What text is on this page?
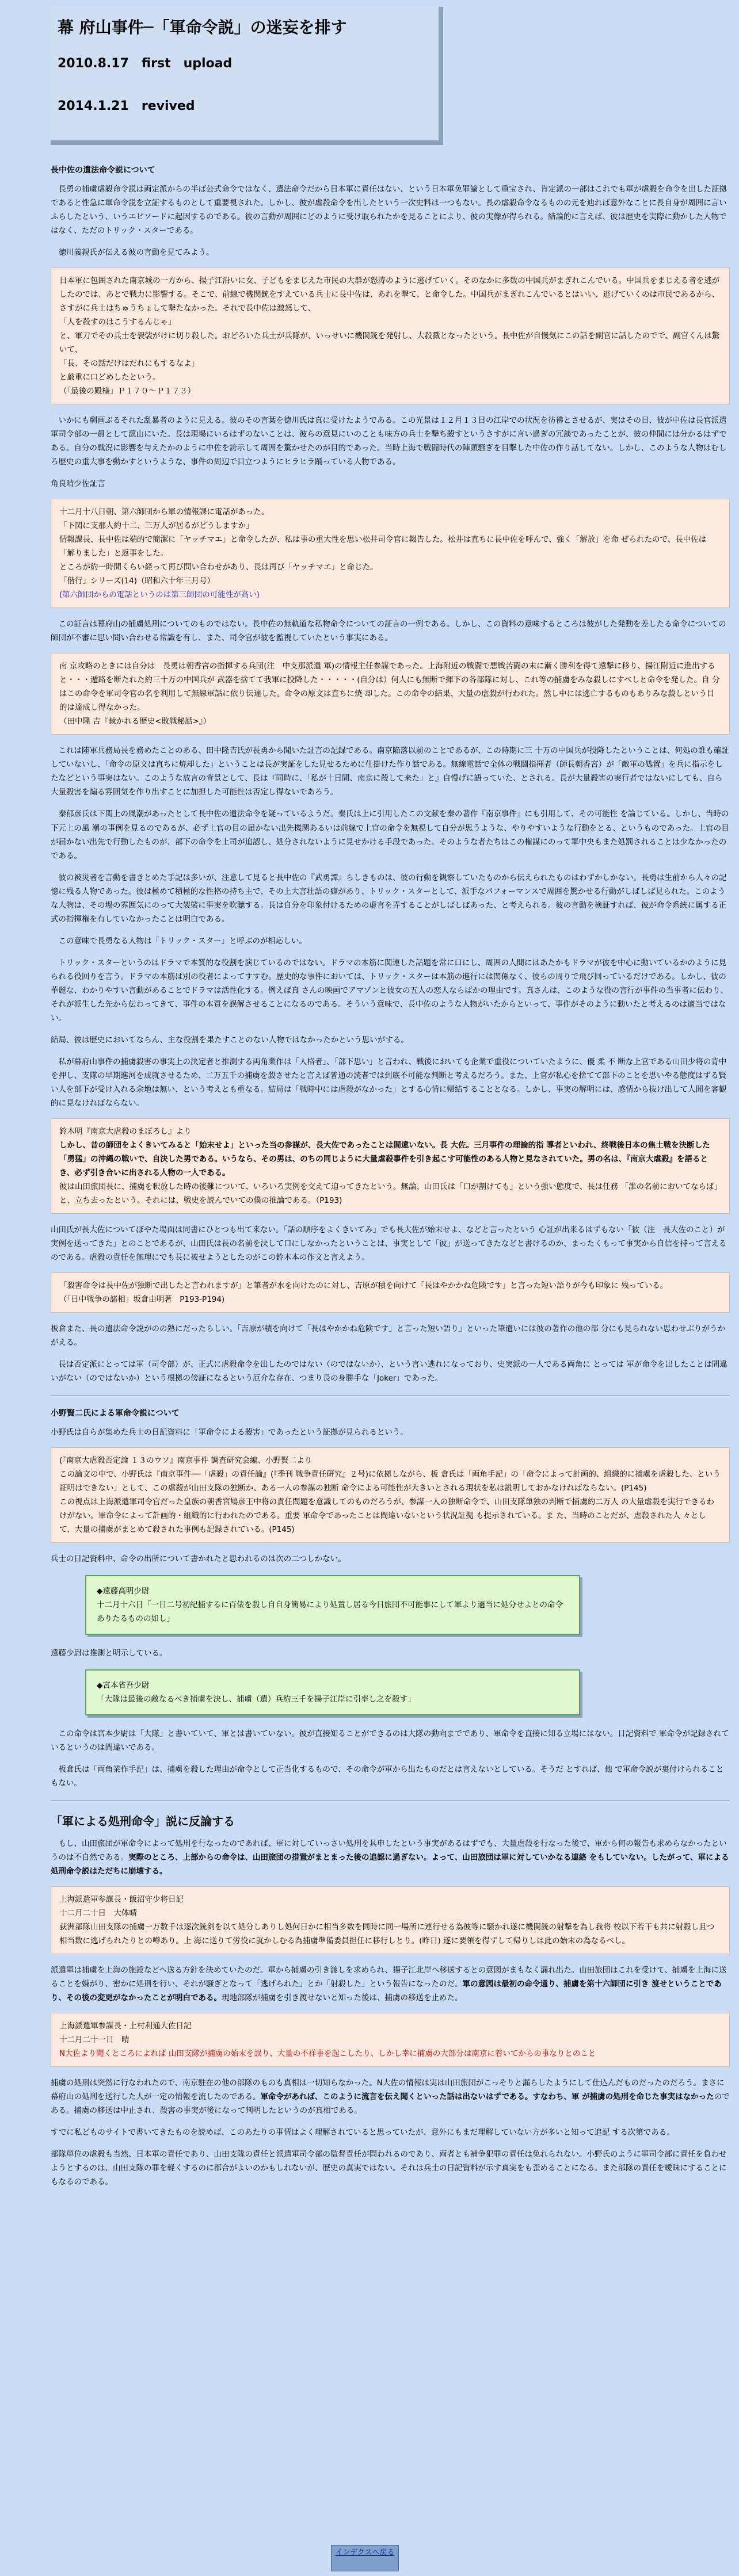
幕 府山事件─「軍命令説」の迷妄を排す
2010.8.17　first　upload
2014.1.21　revived
長中佐の遺法命令説について

長勇の捕虜虐殺命令説は両定派からの半ば公式命令ではなく、遺法命令だから日本軍に責任はない、という日本軍免罪論として重宝され、肯定派の一部はこれでも軍が虐殺を命令を出した証拠であると性急に軍命令説を立証するものとして重要視された。しかし、彼が虐殺命令を出したという一次史料は一つもない。長の虐殺命令なるものの元を辿れば意外なことに長自身が周囲に言いふらしたという、いうエピソードに起因するのである。彼の言動が周囲にどのように受け取られたかを見ることにより、彼の実像が得られる。結論的に言えば、彼は歴史を実際に動かした人物ではなく、ただのトリック・スターである。

徳川義親氏が伝える彼の言動を見てみよう。

日本軍に包囲された南京城の一方から、揚子江沿いに女、子どもをまじえた市民の大群が怒涛のように逃げていく。そのなかに多数の中国兵がまぎれこんでいる。中国兵をまじえる者を逃がしたのでは、あとで戦力に影響する。そこで、前線で機関銃をすえている兵士に長中佐は、あれを撃て、と命令した。中国兵がまぎれこんでいるとはいい、逃げていくのは市民であるから、さすがに兵士はちゅうちょして撃たなかった。それで長中佐は激怒して、
「人を殺すのはこうするんじゃ」
と、軍刀でその兵士を袈裟がけに切り殺した。おどろいた兵士が兵隊が、いっせいに機関銃を発射し、大殺戮となったという。長中佐が自慢気にこの話を副官に話したのでで、副官くんは驚いて、
「長、その話だけはだれにもするなよ」
と厳重に口どめしたという。
（「最後の殿様」Ｐ１７０～Ｐ１７３）

いかにも劇画ぶるそれた乱暴者のように見える。彼のその言葉を徳川氏は真に受けたようである。この光景は１２月１３日の江岸での状況を彷彿とさせるが、実はその日、彼が中佐は長官派遣軍司令部の一員として滬山にいた。長は現場にいるはずのないことは、彼らの意見にいのことも味方の兵士を撃ち殺すというさすがに言い過ぎの冗談であったことが、彼の仲間には分かるはずである。自分の戦況に影響を与えたかのように中佐を誇示して周囲を驚かせたのが目的であった。当時上海で戦闘時代の陣頭騒ぎを目撃した中佐の作り話してない。しかし、このような人物はむしろ歴史の重大事を動かすというような、事件の周辺で目立つようにヒラヒラ踊っている人物である。

角良晴少佐証言

十二月十八日朝、第六師団から軍の情報課に電話があった。
「下関に支那人約十二、三万人が居るがどうしますか」
情報課長、長中佐は端的で簡潔に「ヤッチマエ」と命令したが、私は事の重大性を思い松井司令官に報告した。松井は直ちに長中佐を呼んで、強く「解放」を命 ぜられたので、長中佐は「解りました」と返事をした。
ところが約一時間くらい経って再び問い合わせがあり、長は再び「ヤッチマエ」と命じた。
「偕行」シリーズ(14)（昭和六十年三月号）
(第六師団からの電話というのは第三師団の可能性が高い)

この証言は幕府山の捕虜処刑についてのものではない。長中佐の無軌道な私物命令についての証言の一例である。しかし、この資料の意味するところは彼がした発動を差したる命令についての師団が不審に思い問い合わせる常識を有し、また、司令官が彼を監視していたという事実にある。

南 京攻略のときには自分は　長勇は朝香宮の指揮する兵団(注　中支那派遣 軍)の情報主任参謀であった。上海附近の戦闘で悪戦苦闘の末に漸く勝利を得て遠撃に移り、揚江附近に進出すると・・・遁路を断たれた約三十万の中国兵が 武器を捨てて我軍に投降した・・・・・(自分は）何人にも無断で揮下の各部隊に対し、これ等の捕虜をみな殺しにすべしと命令を発した。自 分はこの命令を軍司令官の名を利用して無線軍話に依り伝達した。命令の原文は直ちに焼 却した。この命令の結果、大量の虐殺が行われた。然し中には逃亡するものもありみな殺しという目的は達成し得なかった。
（田中隆 吉『裁かれる歴史<敗戦秘話>』）

これは陸軍兵務局長を務めたことのある、田中隆吉氏が長勇から聞いた証言の記録である。南京陥落以前のことであるが、この時期に三 十万の中国兵が投降したということは、何処の誰も確証していないし、「命令の原文は直ちに焼却した」ということは長が実証をした見せるために仕掛けた作り話である。無線電話で全体の戦闘指揮者（師長朝香宮）が「敵軍の処置」を兵に指示をしたなどという事実はない。このような放言の背景として、長は『同時に、「私が十日間、南京に殺して来た」と』自慢げに語っていた、とされる。長が大量殺害の実行者ではないにしても、自ら大量殺害を煽る雰囲気を作り出すことに加担した可能性は否定し得ないであろう。

秦郁彦氏は下関上の風潮があったとして長中佐の遺法命令を疑っているようだ。秦氏は上に引用したこの文献を秦の著作『南京事件』にも引用して、その可能性 を論じている。しかし、当時の下元上の風 潮の事例を見るのであるが、必ず上官の目の届かない出先機関あるいは前線で上官の命令を無視して自分が思うような、やりやすいような行動をとる、というものであった。上官の目が届かない出先で行動したものが、部下の命令を上司が追認し、処分されないように見せかける手段であった。そのような者たちはこの権謀にのって軍中央もまた処罰されることは少なかったのである。

彼の被災者を言動を書きとめた手記は多いが、注意して見ると長中佐の『武勇譚』らしきものは、彼の行動を観察していたものから伝えられたものはわずかしかない。長勇は生前から人々の記憶に残る人物であった。彼は極めて積極的な性格の持ち主で、その上大言壮語の癖があり、トリック・スターとして、派手なパフォーマンスで周囲を驚かせる行動がしばしば見られた。このような人物は、その場の雰囲気にのって大袈裟に事実を吹聴する。長は自分を印象付けるための虚言を弄することがしばしばあった、と考えられる。彼の言動を検証すれば、彼が命令系統に属する正式の指揮権を有していなかったことは明白である。

この意味で長勇なる人物は「トリック・スター」と呼ぶのが相応しい。

トリック・スターというのはドラマで本質的な役割を演じているのではない。ドラマの本筋に関連した話題を常に口にし、周囲の人間にはあたかもドラマが彼を中心に動いているかのように見られる役回りを言う。ドラマの本筋は別の役者によってすすむ。歴史的な事件においては、トリック・スターは本筋の進行には関係なく、彼らの周りで飛び回っているだけである。しかし、彼の華麗な、わかりやすい言動があることでドラマは活性化する。例えば真 さんの映画でアマゾンと彼女の五人の恋人ならばかの理由です。真さんは、このような役の言行が事件の当事者に伝わり、それが派生した先から伝わってきて、事件の本質を誤解させることになるのである。そういう意味で、長中佐のような人物がいたからといって、事件がそのように動いたと考えるのは適当ではない。

結局、彼は歴史においてならん、主な役割を果たすことのない人物ではなかったかという思いがする。

私が幕府山事件の捕虜殺害の事実上の決定者と推測する両角業作は「人格者」、「部下思い」と言われ、戦後においても企業で重役についていたように、優 柔 不 断な上官である山田少将の背中を押し、支隊の早期進河を成就させるため、二万五千の捕虜を殺させたと言えば普通の読者では到底不可能な判断と考えるだろう。また、上官が私心を捨てて部下のことを思いやる態度はずる賢い人を部下が受け入れる余地は無い、という考えとも重なる。結局は「戦時中には虐殺がなかった」とする心情に帰結することとなる。しかし、事実の解明には、感情から抜け出して人間を客観的に見なければならない。

鈴木明『南京大虐殺のまぼろし』より
しかし、昔の師団をよくきいてみると「始末せよ」といった当の参謀が、長大佐であったことは間違いない。長 大佐。三月事件の理論的指 導者といわれ、終戦後日本の焦土戦を決断した「勇猛」の沖縄の戦いで、自決した男である。いうなら、その男は、のちの同じように大量虐殺事件を引き起こす可能性のある人物と見なされていた。男の名は、『南京大虐殺』を語るとき、必ず引き合いに出される人物の一人である。
彼は山田旅団長に、捕虜を釈放した時の後難について、いろいろ実例を交えて迫ってきたという。無論、山田氏は「口が割けても」という強い態度で、長は任務 「誰の名前においてならば」と、立ち去ったという。それには、戦史を読んでいての僕の推論である。（P193)

山田氏が長大佐についてぼやた場面は同書にひとつも出て来ない。「話の順序をよくきいてみ」でも長大佐が始末せよ、などと言ったという 心証が出来るはずもない「彼（注　長大佐のこと）が実例を送ってきた」とのことであるが、山田氏は長の名前を決して口にしなかったということは、事実として「彼」が送ってきたなどと書けるのか、まったくもって事実から自信を持って言えるのである。虐殺の責任を無理にでも長に被せようとしたのがこの鈴木本の作文と言えよう。

「殺害命令は長中佐が独断で出したと言われますが」と筆者が水を向けたのに対し、吉原が積を向けて「長はやかかね危険です」と言った短い語りが今も印象に 残っている。
（「日中戦争の諸相」坂倉由明著　P193-P194)

板倉また、長の遺法命令説がのの熟にだったらしい。「吉原が積を向けて「長はやかかね危険です」と言った短い語り」といった筆遣いには彼の著作の他の部 分にも見られない思わせぶりがうかがえる。

長は否定派にとっては軍（司令部）が、正式に虐殺命令を出したのではない（のではないか）、という言い逃れになっており、史実派の一人である両角に とっては 軍が命令を出したことは間違いがない（のではないか）という根拠の傍証になるという厄介な存在、つまり長の身勝手な「Joker」であった。

小野賢二氏による軍命令説について

小野氏は自らが集めた兵士の日記資料に「軍命令による殺害」であったという証拠が見られるという。

(『南京大虐殺否定論 １３のウソ』南京事件 調査研究会編、小野賢二より
この論文の中で、小野氏は『南京事件──「虐殺」の責任論』(『季刊 戦争責任研究』２号)に依拠しながら、板 倉氏は「両角手記」の「命令によって計画的、組織的に捕虜を虐殺した、という証明はできない」として、この虐殺が山田支隊の独断か、ある一人の参謀の独断 命令による可能性が大きいとされる現状を私は説明しておかなければならない。(P145)
この視点は上海派遣軍司令官だった皇族の朝香宮鳩彦王中将の責任問題を意識してのものだろうが、参謀一人の独断命令で、山田支隊単独の判断で捕虜約二万人 の大量虐殺を実行できるわけがない。軍命令によって計画的・組織的に行われたのである。重要 軍命令であったことは間違いないという状況証拠 も提示されている。ま た、当時のことだが、虐殺された人 々として、大量の捕虜がまとめて殺された事例も記録されている。(P145)

兵士の日記資料中、命令の出所について書かれたと思われるのは次の二つしかない。

◆遠藤高明少尉
十二月十六日「一日二号初紀捕するに百俵を殺し自自身簡易により処置し居る今日旅団不可能事にして軍より適当に処分せよとの命令ありたるものの如し」

遠藤少尉は推測と明示している。

◆宮本省吾少尉
「大隊は最後の敵なるべき捕虜を決し、捕虜（遺）兵約三千を揚子江岸に引率し之を殺す」

この命令は宮本少尉は「大隊」と書いていて、軍とは書いていない。彼が直接知ることができるのは大隊の動向までであり、軍命令を直接に知る立場にはない。日記資料で 軍命令が記録されているというのは間違いである。

板倉氏は「両角業作手記」は、捕虜を殺した理由が命令として正当化するもので、その命令が軍から出たものだとは言えないとしている。そうだ とすれば、他 で軍命令説が裏付けられることもない。

「軍による処刑命令」説に反論する

もし、山田旅団が軍命令によって処刑を行なったのであれば、軍に対していっさい処刑を具申したという事実があるはずでも、大量虐殺を行なった後で、軍から何の報告も求めらなかったというのは不自然である。実際のところ、上部からの命令は、山田旅団の措置がまとまった後の追認に過ぎない。よって、山田旅団は軍に対していかなる連絡 をもしていない。したがって、軍による処刑命令説はただちに崩壊する。

上海派遣軍参謀長・飯沼守少将日記
十二月二十日　大体晴
荻洲部隊山田支隊の捕虜一万数千は逐次銃剣を以て処分しありし処何日かに相当多数を同時に同一場所に連行せる為彼等に騒かれ遂に機関銃の射撃を為し我将 校以下若干も共に射殺し且つ相当数に逃げられたりとの噂あり。上 海に送りて労役に就かしむる為捕虜準備委員担任に移行しとり。(昨日) 遂に要領を得ずして帰りしは此の始末の為なるべし。

派遣軍は捕虜を上海の施設などへ送る方針を決めていたのだ。軍から捕虜の引き渡しを求められ、揚子江北岸へ移送するとの意図がまもなく漏れ出た。山田旅団はこれを受けて、捕虜を上海に送ることを嫌がり、密かに処刑を行い、それが騒ぎとなって「逃げられた」とか「射殺した」という報告になったのだ。軍の意図は最初の命令通り、捕虜を第十六師団に引き 渡せということであり、その後の変更がなかったことが明白である。現地部隊が捕虜を引き渡せないと知った後は、捕虜の移送を止めた。

上海派遣軍参謀長・上村利通大佐日記
十二月二十一日　晴
N大佐より聞くところによれば 山田支隊が捕虜の始末を誤り、大量の不祥事を起こしたり、しかし幸に捕虜の大部分は南京に着いてからの事なりとのこと

捕虜の処刑は突然に行なわれたので、南京駐在の他の部隊のものも真相は一切知らなかった。N大佐の情報は実は山田旅団がこっそりと漏らしたようにして仕込んだものだったのだろう。まさに幕府山の処刑を送行した人が一定の情報を流したのである。軍命令があれば、このように流言を伝え聞くといった話は出ないはずである。すなわち、軍 が捕虜の処刑を命じた事実はなかったのである。捕虜の移送は中止され、殺害の事実が後になって判明したというのが真相である。

すでに私どものサイトで書いてきたものを読めば、このあたりの事情はよく理解されていると思っていたが、意外にもまだ理解していない方が多いと知って追記 する次第である。

部隊単位の虐殺も当然、日本軍の責任であり、山田支隊の責任と派遣軍司令部の監督責任が問われるのであり、両者とも補争犯罪の責任は免れられない。小野氏のように軍司令部に責任を負わせようとするのは、山田支隊の罪を軽くするのに都合がよいのかもしれないが、歴史の真実ではない。それは兵士の日記資料が示す真実をも歪めることになる。また部隊の責任を曖昧にすることにもなるのである。

インデクスへ戻る
